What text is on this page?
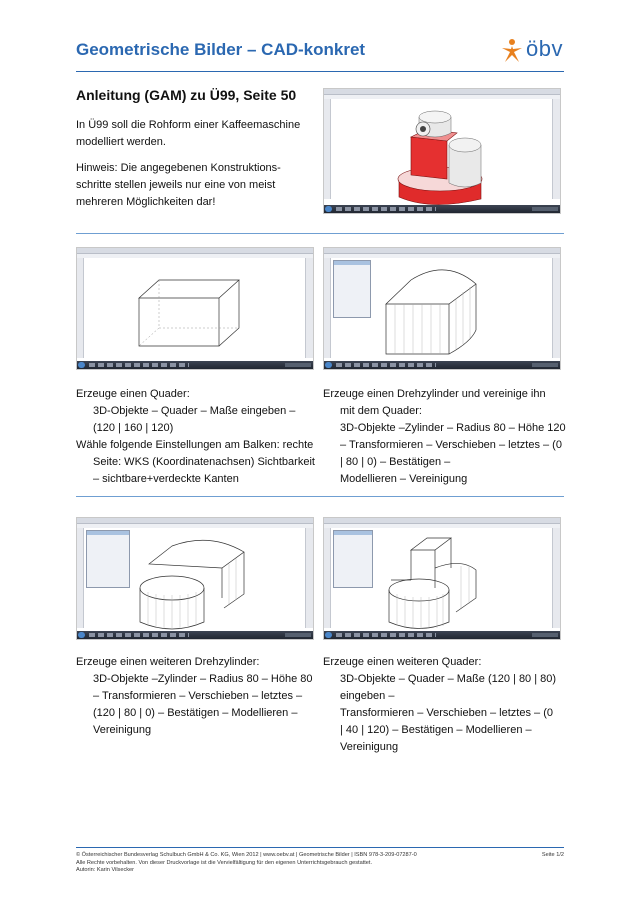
Geometrische Bilder – CAD-konkret	öbv
Anleitung (GAM) zu Ü99, Seite 50
In Ü99 soll die Rohform einer Kaffeemaschine
modelliert werden.
Hinweis: Die angegebenen Konstruktions-
schritte stellen jeweils nur eine von meist
mehreren Möglichkeiten dar!
Erzeuge einen Quader:
3D-Objekte – Quader – Maße eingeben –
(120 | 160 | 120)
Wähle folgende Einstellungen am Balken: rechte
Seite: WKS (Koordinatenachsen) Sichtbarkeit
– sichtbare+verdeckte Kanten
Erzeuge einen Drehzylinder und vereinige ihn
mit dem Quader:
3D-Objekte –Zylinder – Radius 80 – Höhe 120
– Transformieren – Verschieben – letztes – (0
| 80 | 0) – Bestätigen –
Modellieren – Vereinigung
Erzeuge einen weiteren Drehzylinder:
3D-Objekte –Zylinder – Radius 80 – Höhe 80
– Transformieren – Verschieben – letztes –
(120 | 80 | 0) – Bestätigen – Modellieren –
Vereinigung
Erzeuge einen weiteren Quader:
3D-Objekte – Quader – Maße (120 | 80 | 80)
eingeben –
Transformieren – Verschieben – letztes – (0
| 40 | 120) – Bestätigen – Modellieren –
Vereinigung
Seite 1/2
© Österreichischer Bundesverlag Schulbuch GmbH & Co. KG, Wien 2012 | www.oebv.at | Geometrische Bilder | ISBN 978-3-209-07287-0
Alle Rechte vorbehalten. Von dieser Druckvorlage ist die Vervielfältigung für den eigenen Unterrichtsgebrauch gestattet.
Autorin: Karin Vilsecker
